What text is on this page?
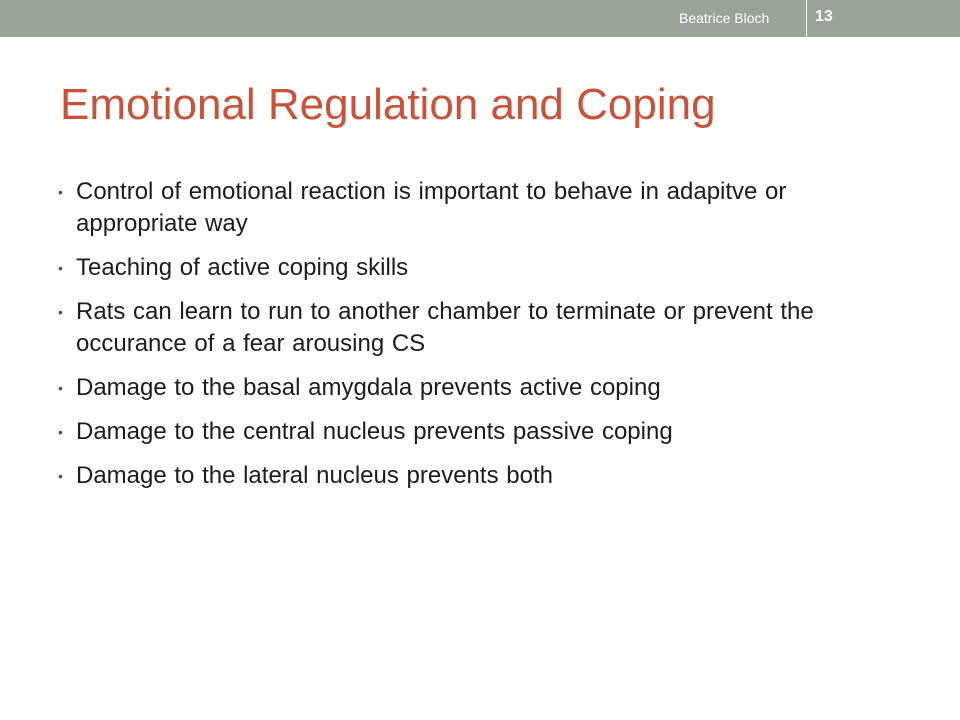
Beatrice Bloch	13
Emotional Regulation and Coping
• Control of emotional reaction is important to behave in adapitve or appropriate way
• Teaching of active coping skills
• Rats can learn to run to another chamber to terminate or prevent the occurance of a fear arousing CS
• Damage to the basal amygdala prevents active coping
• Damage to the central nucleus prevents passive coping
• Damage to the lateral nucleus prevents both
